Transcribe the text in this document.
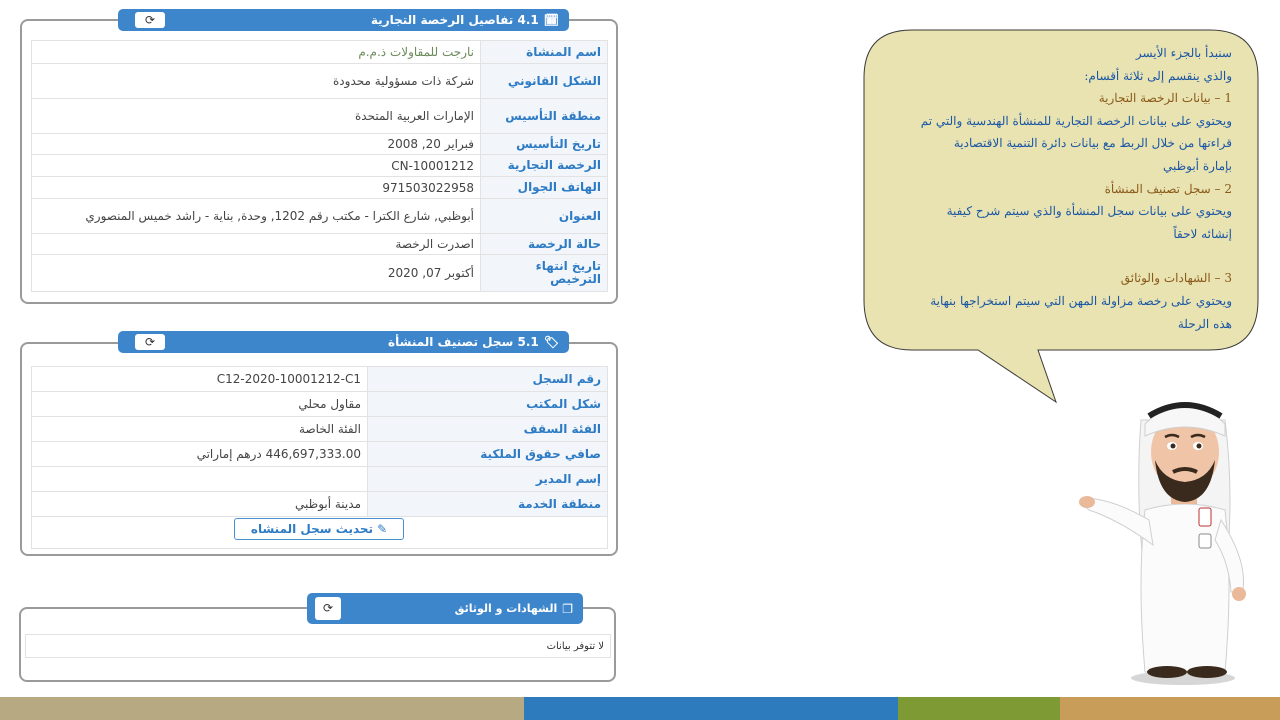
🗓
4.1 تفاصيل الرخصة التجارية
⟳
اسم المنشاة	نارجت للمقاولات ذ.م.م
الشكل القانوني	شركة ذات مسؤولية محدودة
منطقة التأسيس	الإمارات العربية المتحدة
تاريخ التأسيس	فبراير 20, 2008
الرخصة التجارية	CN-10001212
الهاتف الجوال	971503022958
العنوان	أبوظبي, شارع الكترا - مكتب رقم 1202, وحدة, بناية - راشد خميس المنصوري
حالة الرخصة	اصدرت الرخصة
تاريخ انتهاء الترخيص	أكتوبر 07, 2020
🏷
5.1 سجل تصنيف المنشأة
⟳
رقم السجل	C12-2020-10001212-C1
شكل المكتب	مقاول محلي
الفئة السقف	الفئة الخاصة
صافي حقوق الملكية	446,697,333.00 درهم إماراتي
إسم المدير	
منطقة الخدمة	مدينة أبوظبي

✎
تحديث سجل المنشاه
❐
الشهادات و الوثائق
⟳
لا تتوفر بيانات
سنبدأ بالجزء الأيسر
والذي ينقسم إلى ثلاثة أقسام:
1 – بيانات الرخصة التجارية
ويحتوي على بيانات الرخصة التجارية للمنشأة الهندسية والتي تم
قراءتها من خلال الربط مع بيانات دائرة التنمية الاقتصادية
بإمارة أبوظبي
2 – سجل تصنيف المنشأة
ويحتوي على بيانات سجل المنشأة والذي سيتم شرح كيفية
إنشائه لاحقاً
3 – الشهادات والوثائق
ويحتوي على رخصة مزاولة المهن التي سيتم استخراجها بنهاية
هذه الرحلة
